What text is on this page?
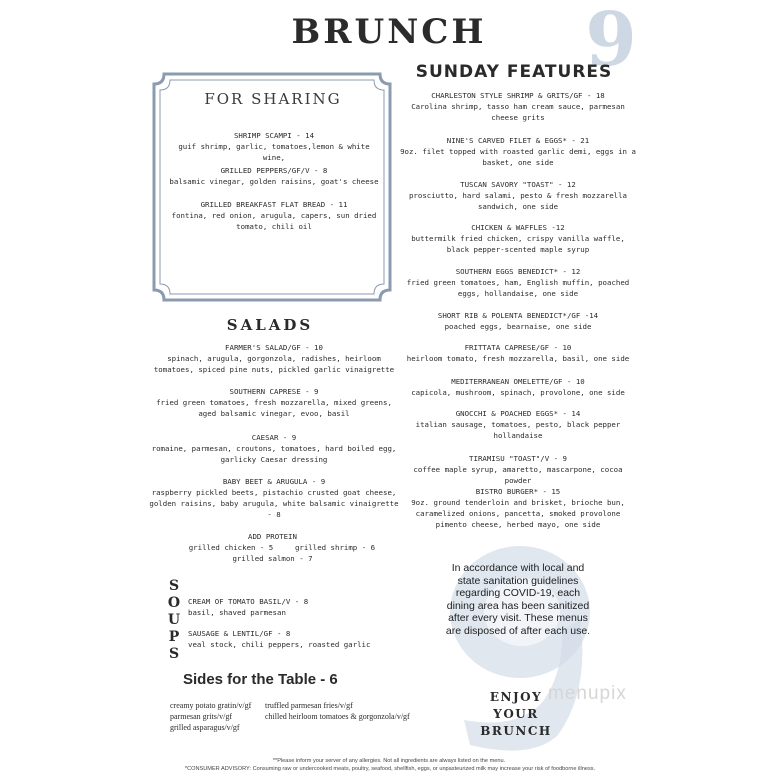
BRUNCH	9
FOR SHARING
SHRIMP SCAMPI - 14
guif shrimp, garlic, tomatoes,lemon & white wine,
GRILLED PEPPERS/GF/V - 8
balsamic vinegar, golden raisins, goat's cheese
GRILLED BREAKFAST FLAT BREAD - 11
fontina, red onion, arugula, capers, sun dried tomato, chili oil
SALADS
FARMER'S SALAD/GF - 10
spinach, arugula, gorgonzola, radishes, heirloom tomatoes, spiced pine nuts, pickled garlic vinaigrette
SOUTHERN CAPRESE - 9
fried green tomatoes, fresh mozzarella, mixed greens, aged balsamic vinegar, evoo, basil
CAESAR - 9
romaine, parmesan, croutons, tomatoes, hard boiled egg, garlicky Caesar dressing
BABY BEET & ARUGULA - 9
raspberry pickled beets, pistachio crusted goat cheese, golden raisins, baby arugula, white balsamic vinaigrette - 8
ADD PROTEIN
grilled chicken - 5	grilled shrimp - 6
grilled salmon - 7
S
O
U
P
S
CREAM OF TOMATO BASIL/V - 8
basil, shaved parmesan
SAUSAGE & LENTIL/GF - 8
veal stock, chili peppers, roasted garlic
Sides for the Table - 6
creamy potato gratin/v/gf
parmesan grits/v/gf
grilled asparagus/v/gf
truffled parmesan fries/v/gf
chilled heirloom tomatoes & gorgonzola/v/gf
SUNDAY FEATURES
CHARLESTON STYLE SHRIMP & GRITS/GF - 18
Carolina shrimp, tasso ham cream sauce, parmesan cheese grits
NINE'S CARVED FILET & EGGS* - 21
9oz. filet topped with roasted garlic demi, eggs in a basket, one side
TUSCAN SAVORY "TOAST" - 12
prosciutto, hard salami, pesto & fresh mozzarella sandwich, one side
CHICKEN & WAFFLES -12
buttermilk fried chicken, crispy vanilla waffle, black pepper-scented maple syrup
SOUTHERN EGGS BENEDICT* - 12
fried green tomatoes, ham, English muffin, poached eggs, hollandaise, one side
SHORT RIB & POLENTA BENEDICT*/GF -14
poached eggs, bearnaise, one side
FRITTATA CAPRESE/GF - 10
heirloom tomato, fresh mozzarella, basil, one side
MEDITERRANEAN OMELETTE/GF - 10
capicola, mushroom, spinach, provolone, one side
GNOCCHI & POACHED EGGS* - 14
italian sausage, tomatoes, pesto, black pepper hollandaise
TIRAMISU "TOAST"/V - 9
coffee maple syrup, amaretto, mascarpone, cocoa powder
BISTRO BURGER* - 15
9oz. ground tenderloin and brisket, brioche bun, caramelized onions, pancetta, smoked provolone pimento cheese, herbed mayo, one side
In accordance with local and state sanitation guidelines regarding COVID-19, each dining area has been sanitized after every visit. These menus are disposed of after each use.
ENJOY
YOUR
BRUNCH
menupix
**Please inform your server of any allergies. Not all ingredients are always listed on the menu.
*CONSUMER ADVISORY: Consuming raw or undercooked meats, poultry, seafood, shellfish, eggs, or unpasteurized milk may increase your risk of foodborne illness.
